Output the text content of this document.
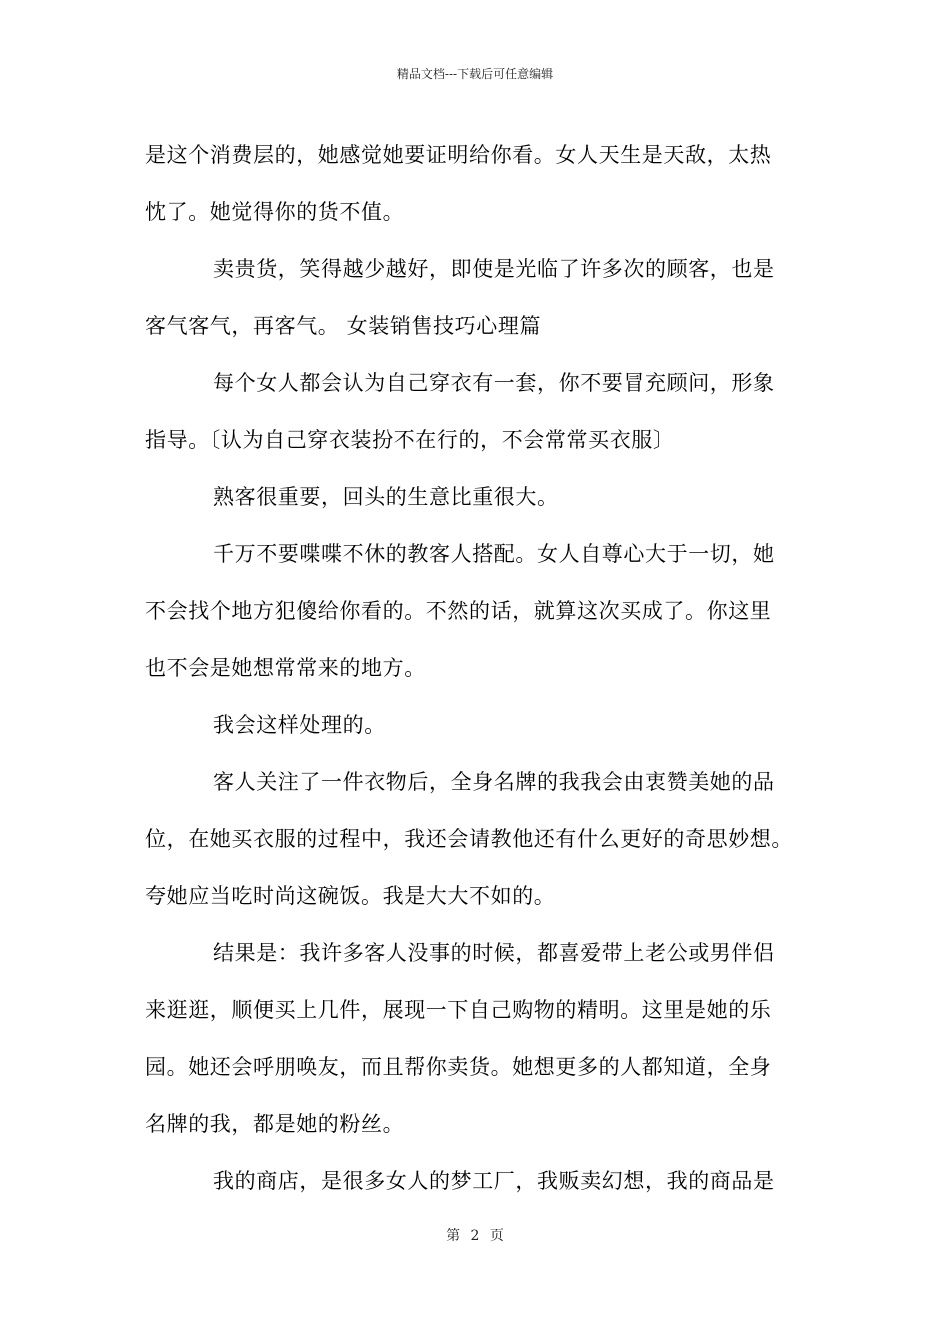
精品文档---下载后可任意编辑

是这个消费层的，她感觉她要证明给你看。女人天生是天敌，太热

忱了。她觉得你的货不值。

卖贵货，笑得越少越好，即使是光临了许多次的顾客，也是

客气客气，再客气。 女装销售技巧心理篇

每个女人都会认为自己穿衣有一套，你不要冒充顾问，形象

指导。〔认为自己穿衣装扮不在行的，不会常常买衣服〕

熟客很重要，回头的生意比重很大。

千万不要喋喋不休的教客人搭配。女人自尊心大于一切，她

不会找个地方犯傻给你看的。不然的话，就算这次买成了。你这里

也不会是她想常常来的地方。

我会这样处理的。

客人关注了一件衣物后，全身名牌的我我会由衷赞美她的品

位，在她买衣服的过程中，我还会请教他还有什么更好的奇思妙想。

夸她应当吃时尚这碗饭。我是大大不如的。

结果是：我许多客人没事的时候，都喜爱带上老公或男伴侣

来逛逛，顺便买上几件，展现一下自己购物的精明。这里是她的乐

园。她还会呼朋唤友，而且帮你卖货。她想更多的人都知道，全身

名牌的我，都是她的粉丝。

我的商店，是很多女人的梦工厂，我贩卖幻想，我的商品是

第 2 页
